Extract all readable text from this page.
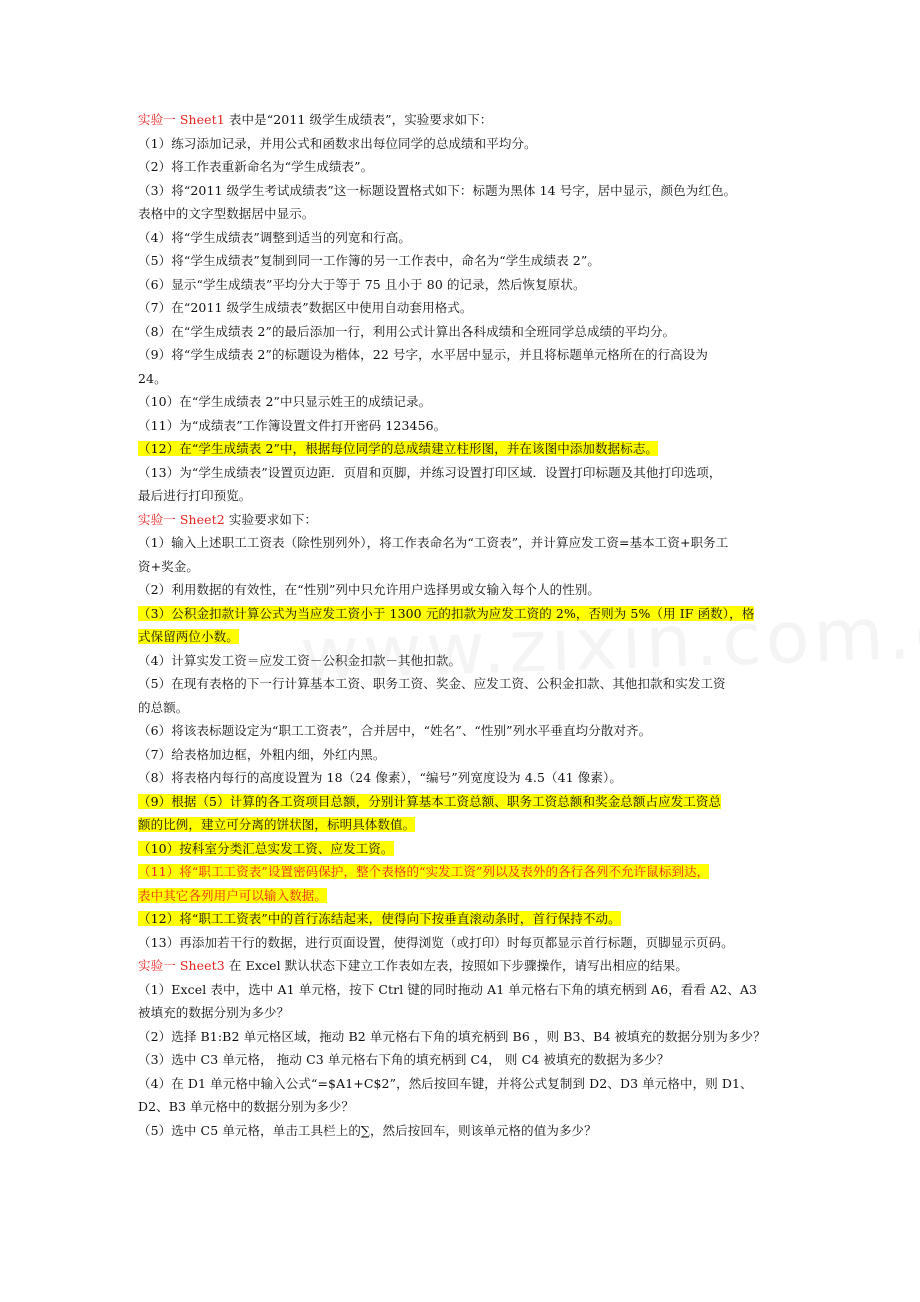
实验一 Sheet1 表中是“2011 级学生成绩表”，实验要求如下：
（1）练习添加记录，并用公式和函数求出每位同学的总成绩和平均分。
（2）将工作表重新命名为“学生成绩表”。
（3）将“2011 级学生考试成绩表”这一标题设置格式如下：标题为黑体 14 号字，居中显示，颜色为红色。
表格中的文字型数据居中显示。
（4）将“学生成绩表”调整到适当的列宽和行高。
（5）将“学生成绩表”复制到同一工作簿的另一工作表中，命名为“学生成绩表 2”。
（6）显示“学生成绩表”平均分大于等于 75 且小于 80 的记录，然后恢复原状。
（7）在“2011 级学生成绩表”数据区中使用自动套用格式。
（8）在“学生成绩表 2”的最后添加一行，利用公式计算出各科成绩和全班同学总成绩的平均分。
（9）将“学生成绩表 2”的标题设为楷体，22 号字，水平居中显示，并且将标题单元格所在的行高设为
24。
（10）在“学生成绩表 2”中只显示姓王的成绩记录。
（11）为“成绩表”工作簿设置文件打开密码 123456。
（12）在“学生成绩表 2”中，根据每位同学的总成绩建立柱形图，并在该图中添加数据标志。
（13）为“学生成绩表”设置页边距．页眉和页脚，并练习设置打印区域．设置打印标题及其他打印选项，
最后进行打印预览。
实验一 Sheet2 实验要求如下：
（1）输入上述职工工资表（除性别列外），将工作表命名为“工资表”，并计算应发工资=基本工资+职务工
资+奖金。
（2）利用数据的有效性，在“性别”列中只允许用户选择男或女输入每个人的性别。
（3）公积金扣款计算公式为当应发工资小于 1300 元的扣款为应发工资的 2%，否则为 5%（用 IF 函数），格
式保留两位小数。
（4）计算实发工资＝应发工资－公积金扣款－其他扣款。
（5）在现有表格的下一行计算基本工资、职务工资、奖金、应发工资、公积金扣款、其他扣款和实发工资
的总额。
（6）将该表标题设定为“职工工资表”，合并居中，“姓名”、“性别”列水平垂直均分散对齐。
（7）给表格加边框，外粗内细，外红内黑。
（8）将表格内每行的高度设置为 18（24 像素），“编号”列宽度设为 4.5（41 像素）。
（9）根据（5）计算的各工资项目总额，分别计算基本工资总额、职务工资总额和奖金总额占应发工资总
额的比例，建立可分离的饼状图，标明具体数值。
（10）按科室分类汇总实发工资、应发工资。
（11）将“职工工资表”设置密码保护，整个表格的“实发工资”列以及表外的各行各列不允许鼠标到达，
表中其它各列用户可以输入数据。
（12）将“职工工资表”中的首行冻结起来，使得向下按垂直滚动条时，首行保持不动。
（13）再添加若干行的数据，进行页面设置，使得浏览（或打印）时每页都显示首行标题，页脚显示页码。
实验一 Sheet3 在 Excel 默认状态下建立工作表如左表，按照如下步骤操作，请写出相应的结果。
（1）Excel 表中，选中 A1 单元格，按下 Ctrl 键的同时拖动 A1 单元格右下角的填充柄到 A6，看看 A2、A3
被填充的数据分别为多少？
（2）选择 B1:B2 单元格区域，拖动 B2 单元格右下角的填充柄到 B6 ，则 B3、B4 被填充的数据分别为多少？
（3）选中 C3 单元格， 拖动 C3 单元格右下角的填充柄到 C4， 则 C4 被填充的数据为多少？
（4）在 D1 单元格中输入公式“=$A1+C$2”，然后按回车键，并将公式复制到 D2、D3 单元格中，则 D1、
D2、B3 单元格中的数据分别为多少？
（5）选中 C5 单元格，单击工具栏上的∑，然后按回车，则该单元格的值为多少？
